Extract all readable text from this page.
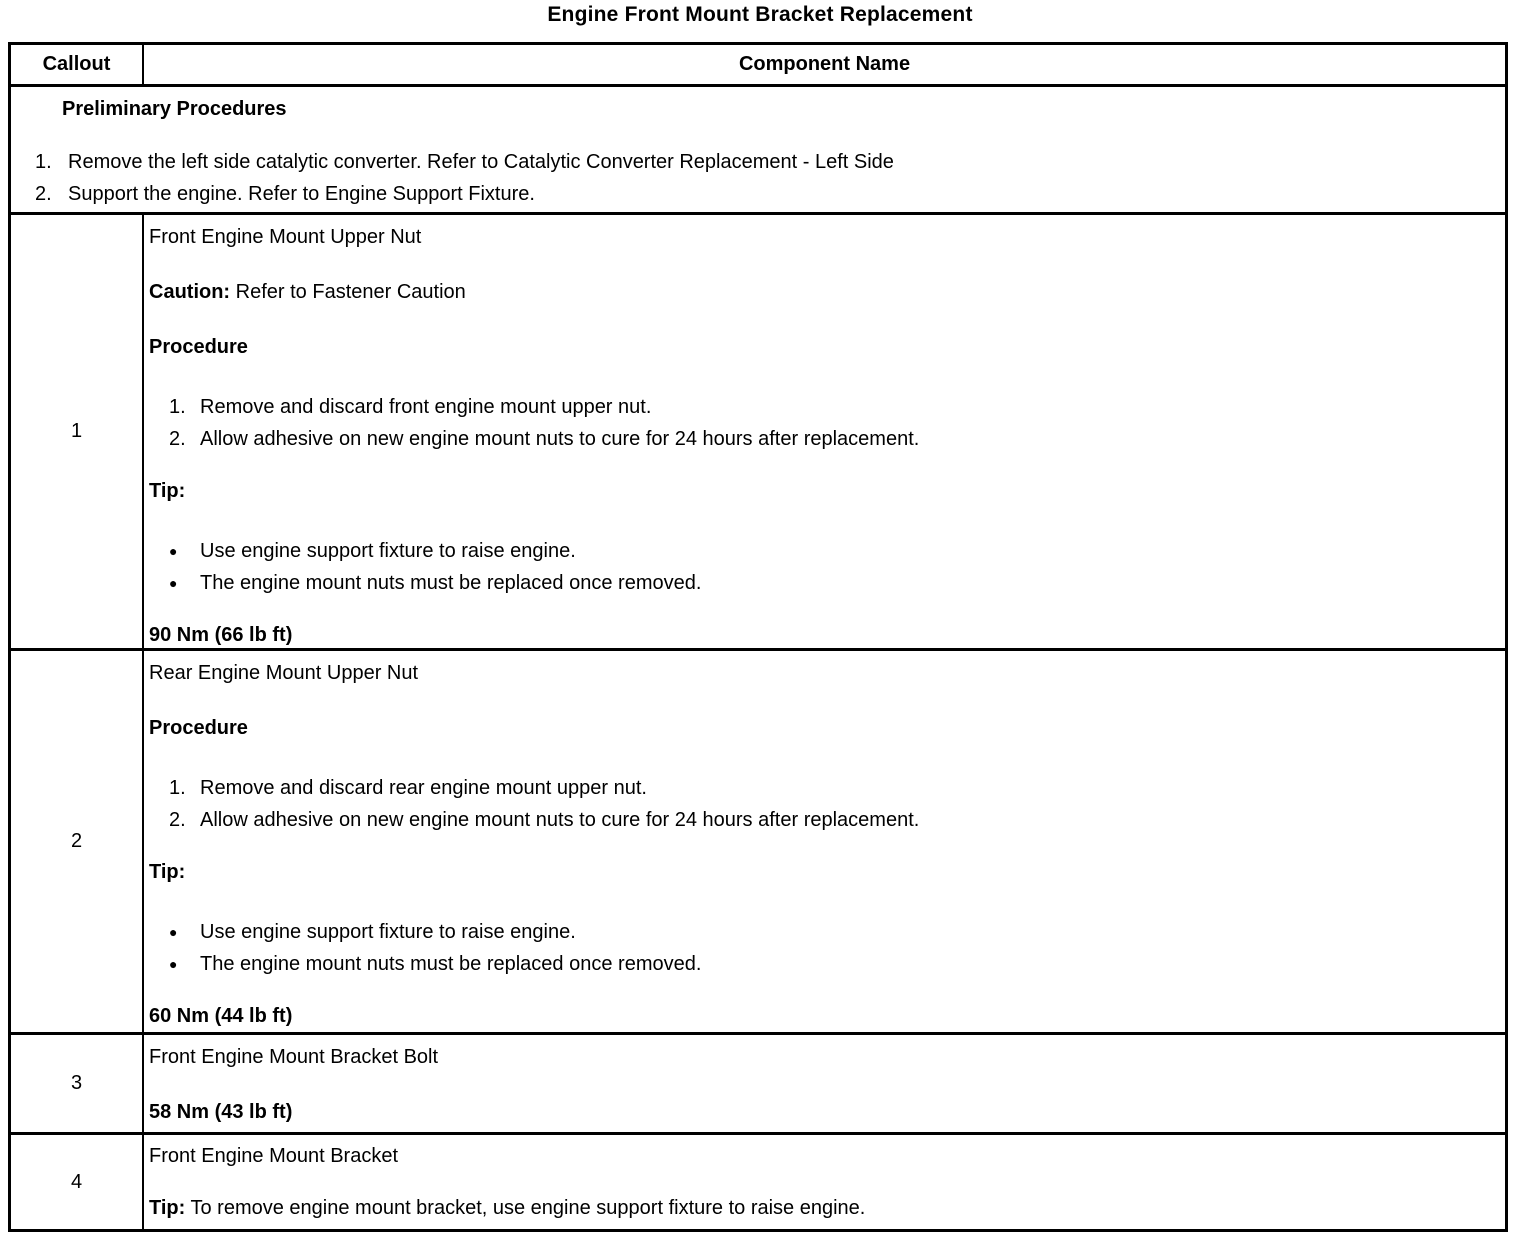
Engine Front Mount Bracket Replacement
Callout	Component Name
Preliminary Procedures
1. Remove the left side catalytic converter. Refer to Catalytic Converter Replacement - Left Side
2. Support the engine. Refer to Engine Support Fixture.
1

Front Engine Mount Upper Nut

Caution: Refer to Fastener Caution

Procedure

1. Remove and discard front engine mount upper nut.
2. Allow adhesive on new engine mount nuts to cure for 24 hours after replacement.

Tip:

●	Use engine support fixture to raise engine.
●	The engine mount nuts must be replaced once removed.

90 Nm (66 lb ft)

2

Rear Engine Mount Upper Nut

Procedure

1. Remove and discard rear engine mount upper nut.
2. Allow adhesive on new engine mount nuts to cure for 24 hours after replacement.

Tip:

●	Use engine support fixture to raise engine.
●	The engine mount nuts must be replaced once removed.

60 Nm (44 lb ft)

3

Front Engine Mount Bracket Bolt

58 Nm (43 lb ft)

4

Front Engine Mount Bracket

Tip: To remove engine mount bracket, use engine support fixture to raise engine.
